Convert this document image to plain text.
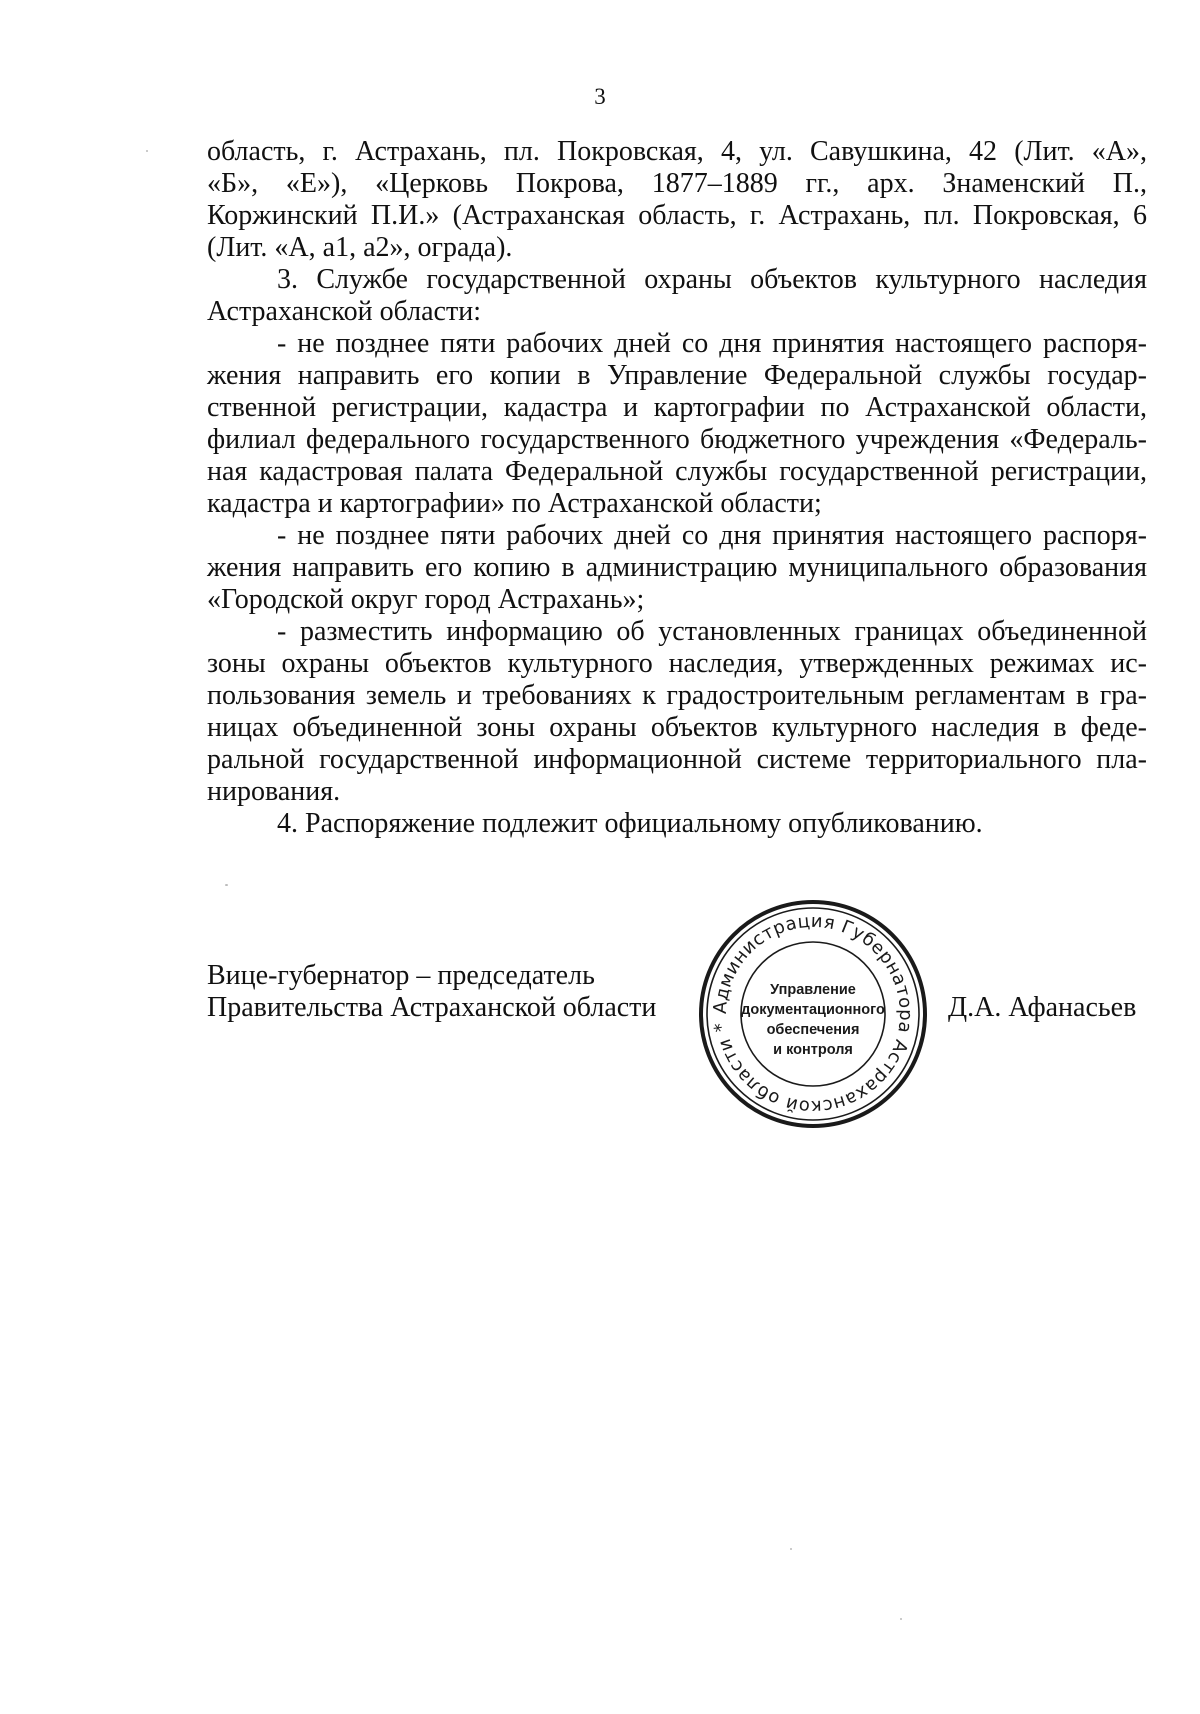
3

область, г. Астрахань, пл. Покровская, 4, ул. Савушкина, 42 (Лит. «А»,

«Б», «Е»), «Церковь Покрова, 1877–1889 гг., арх. Знаменский П.,

Коржинский П.И.» (Астраханская область, г. Астрахань, пл. Покровская, 6

(Лит. «А, а1, а2», ограда).

3. Службе государственной охраны объектов культурного наследия

Астраханской области:

- не позднее пяти рабочих дней со дня принятия настоящего распоря-

жения направить его копии в Управление Федеральной службы государ-

ственной регистрации, кадастра и картографии по Астраханской области,

филиал федерального государственного бюджетного учреждения «Федераль-

ная кадастровая палата Федеральной службы государственной регистрации,

кадастра и картографии» по Астраханской области;

- не позднее пяти рабочих дней со дня принятия настоящего распоря-

жения направить его копию в администрацию муниципального образования

«Городской округ город Астрахань»;

- разместить информацию об установленных границах объединенной

зоны охраны объектов культурного наследия, утвержденных режимах ис-

пользования земель и требованиях к градостроительным регламентам в гра-

ницах объединенной зоны охраны объектов культурного наследия в феде-

ральной государственной информационной системе территориального пла-

нирования.

4. Распоряжение подлежит официальному опубликованию.

Вице-губернатор – председатель
Правительства Астраханской области	Д.А. Афанасьев
Администрация Губернатора Астраханской области *
Управление
документационного
обеспечения
и контроля
